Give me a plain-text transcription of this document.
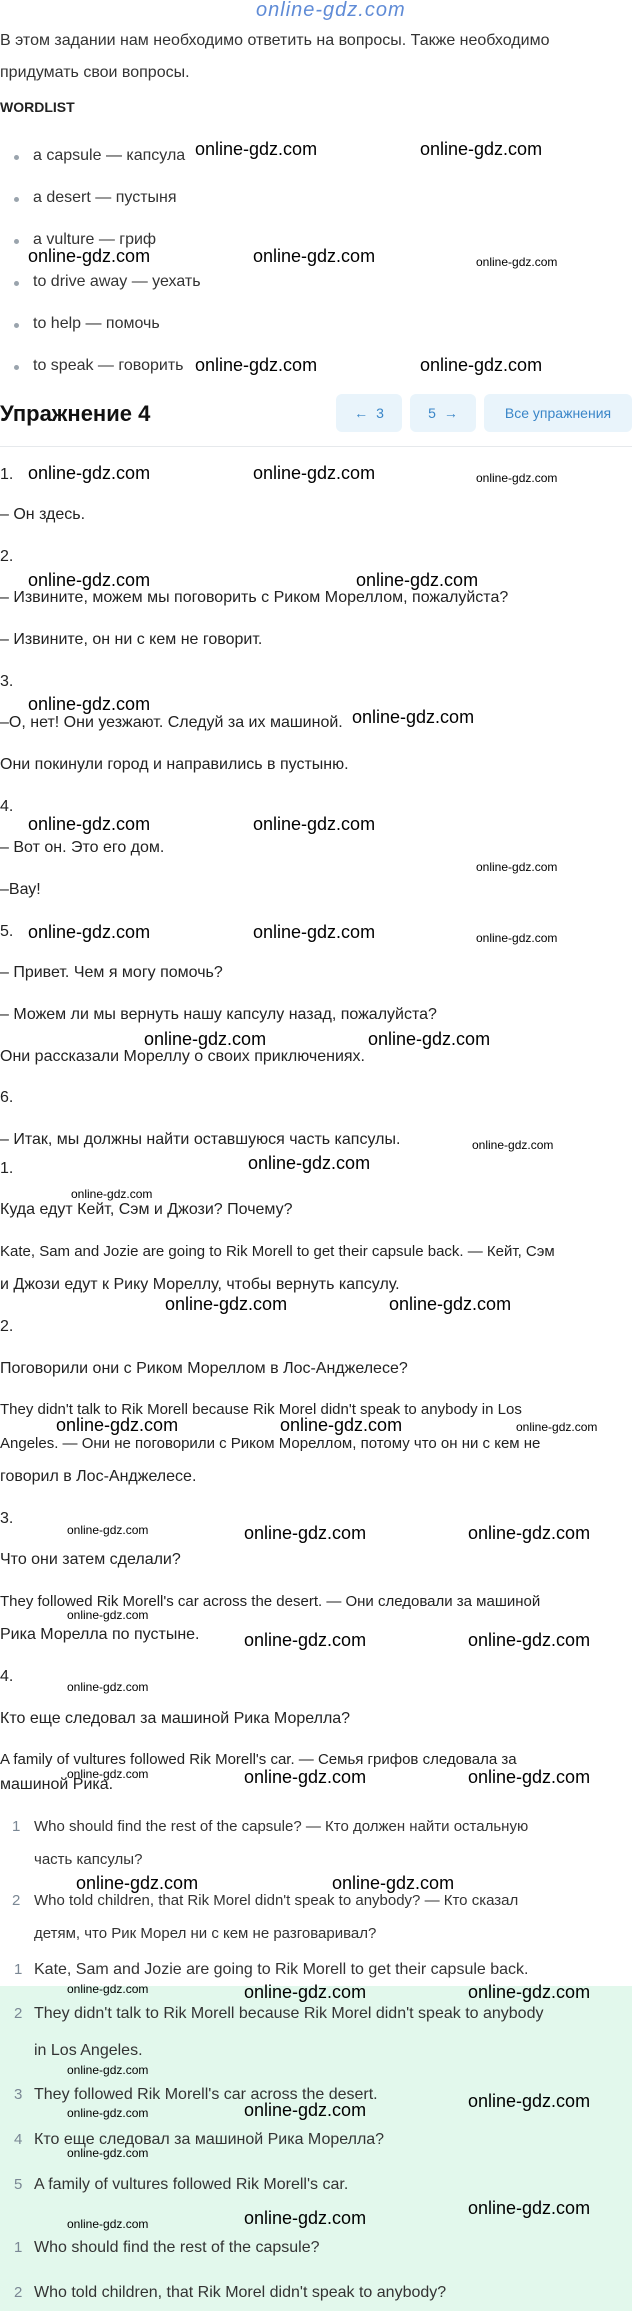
online-gdz.com
В этом задании нам необходимо ответить на вопросы. Также необходимо
придумать свои вопросы.
WORDLIST
a capsule — капсула
a desert — пустыня
a vulture — гриф
to drive away — уехать
to help — помочь
to speak — говорить
Упражнение 4	← 3	5 →	Все упражнения
1.
– Он здесь.
2.
– Извините, можем мы поговорить с Риком Мореллом, пожалуйста?
– Извините, он ни с кем не говорит.
3.
–О, нет! Они уезжают. Следуй за их машиной.
Они покинули город и направились в пустыню.
4.
– Вот он. Это его дом.
–Вау!
5.
– Привет. Чем я могу помочь?
– Можем ли мы вернуть нашу капсулу назад, пожалуйста?
Они рассказали Мореллу о своих приключениях.
6.
– Итак, мы должны найти оставшуюся часть капсулы.
1.
Куда едут Кейт, Сэм и Джози? Почему?
Kate, Sam and Jozie are going to Rik Morell to get their capsule back. — Кейт, Сэм
и Джози едут к Рику Мореллу, чтобы вернуть капсулу.
2.
Поговорили они с Риком Мореллом в Лос-Анджелесе?
They didn't talk to Rik Morell because Rik Morel didn't speak to anybody in Los
Angeles. — Они не поговорили с Риком Мореллом, потому что он ни с кем не
говорил в Лос-Анджелесе.
3.
Что они затем сделали?
They followed Rik Morell's car across the desert. — Они следовали за машиной
Рика Морелла по пустыне.
4.
Кто еще следовал за машиной Рика Морелла?
A family of vultures followed Rik Morell's car. — Семья грифов следовала за
машиной Рика.
1 Who should find the rest of the capsule? — Кто должен найти остальную
часть капсулы?
2 Who told children, that Rik Morel didn't speak to anybody? — Кто сказал
детям, что Рик Морел ни с кем не разговаривал?
1 Kate, Sam and Jozie are going to Rik Morell to get their capsule back.
2 They didn't talk to Rik Morell because Rik Morel didn't speak to anybody
in Los Angeles.
3 They followed Rik Morell's car across the desert.
4 Кто еще следовал за машиной Рика Морелла?
5 A family of vultures followed Rik Morell's car.
1 Who should find the rest of the capsule?
2 Who told children, that Rik Morel didn't speak to anybody?
online-gdz.com	online-gdz.com
online-gdz.com	online-gdz.com	online-gdz.com
online-gdz.com	online-gdz.com
online-gdz.com	online-gdz.com	online-gdz.com
online-gdz.com	online-gdz.com
online-gdz.com
online-gdz.com
online-gdz.com	online-gdz.com
online-gdz.com
online-gdz.com	online-gdz.com	online-gdz.com
online-gdz.com	online-gdz.com
online-gdz.com
online-gdz.com
online-gdz.com
online-gdz.com	online-gdz.com
online-gdz.com	online-gdz.com	online-gdz.com
online-gdz.com	online-gdz.com	online-gdz.com
online-gdz.com
online-gdz.com	online-gdz.com
online-gdz.com
online-gdz.com	online-gdz.com	online-gdz.com
online-gdz.com	online-gdz.com
online-gdz.com	online-gdz.com	online-gdz.com
online-gdz.com
online-gdz.com
online-gdz.com	online-gdz.com
online-gdz.com
online-gdz.com
online-gdz.com	online-gdz.com
